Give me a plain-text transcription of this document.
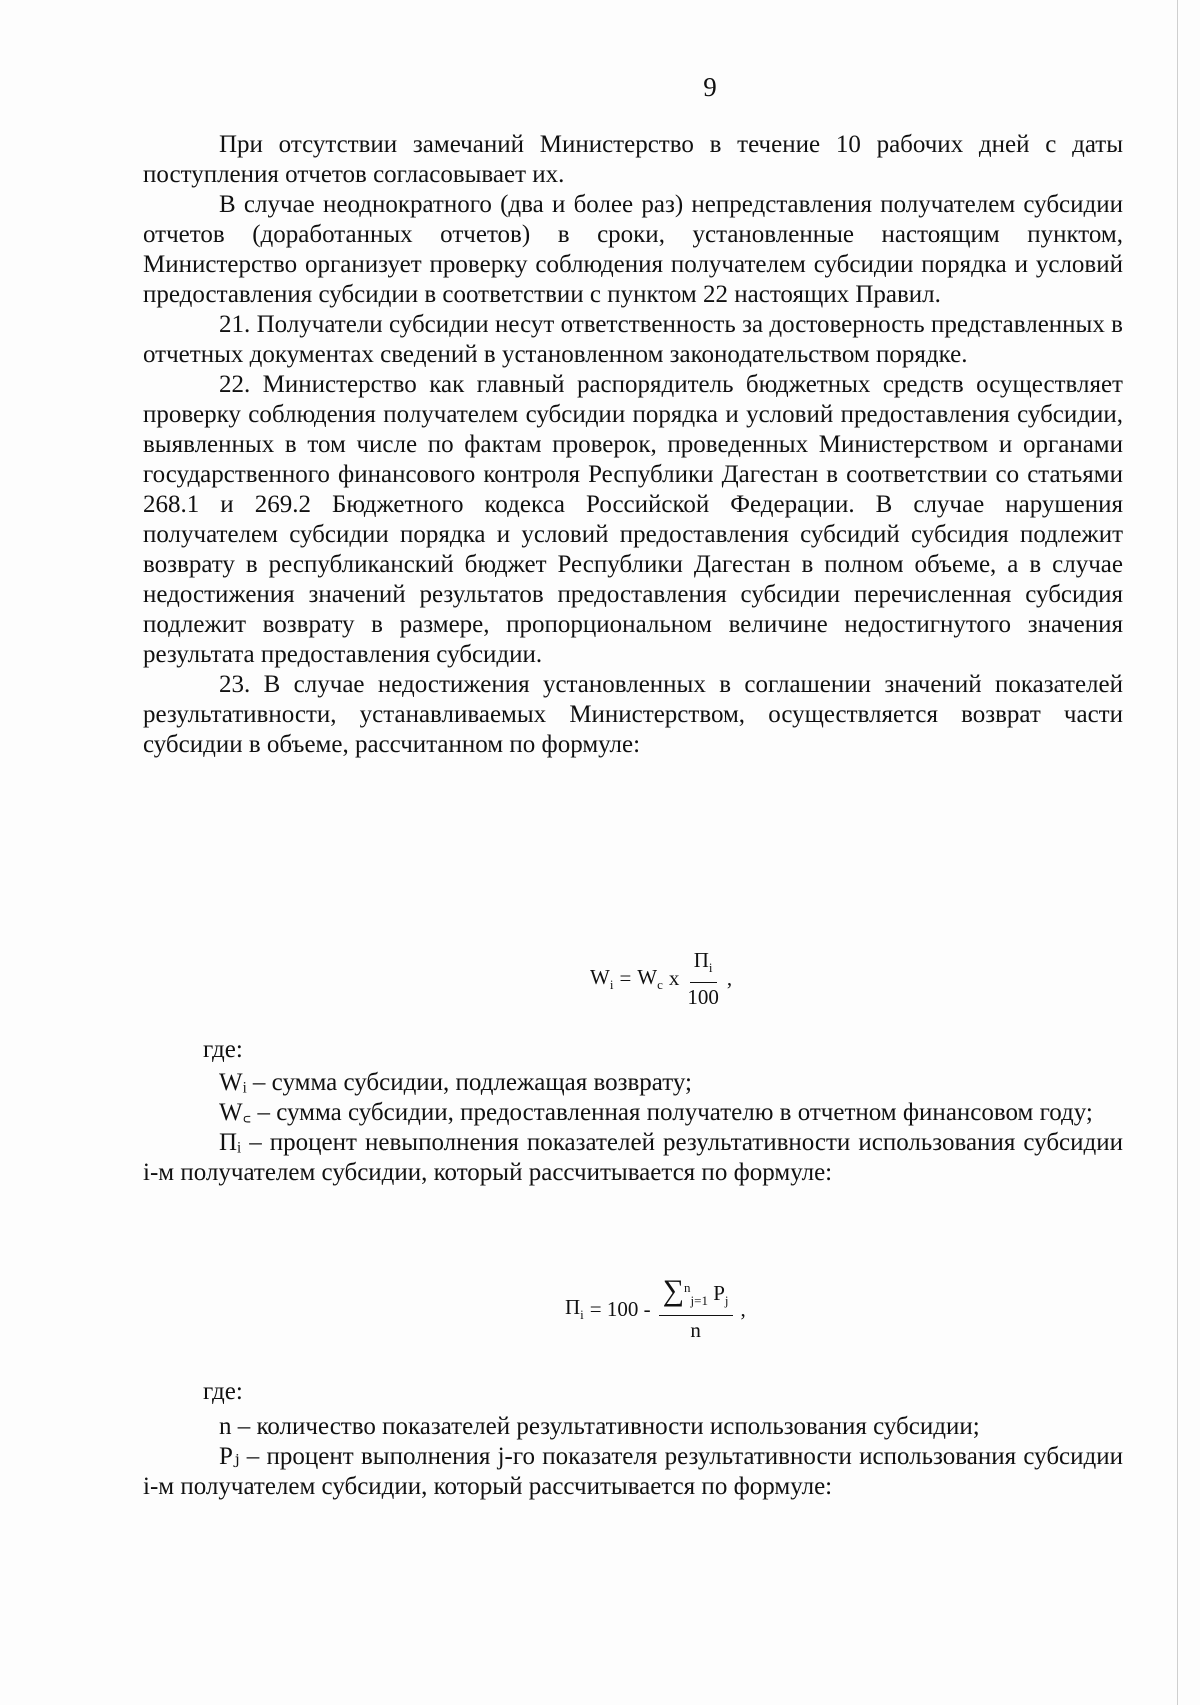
9

При отсутствии замечаний Министерство в течение 10 рабочих дней с даты поступления отчетов согласовывает их.

В случае неоднократного (два и более раз) непредставления получателем субсидии отчетов (доработанных отчетов) в сроки, установленные настоящим пунктом, Министерство организует проверку соблюдения получателем субсидии порядка и условий предоставления субсидии в соответствии с пунктом 22 настоящих Правил.

21. Получатели субсидии несут ответственность за достоверность представленных в отчетных документах сведений в установленном законодательством порядке.

22. Министерство как главный распорядитель бюджетных средств осуществляет проверку соблюдения получателем субсидии порядка и условий предоставления субсидии, выявленных в том числе по фактам проверок, проведенных Министерством и органами государственного финансового контроля Республики Дагестан в соответствии со статьями 268.1 и 269.2 Бюджетного кодекса Российской Федерации. В случае нарушения получателем субсидии порядка и условий предоставления субсидий субсидия подлежит возврату в республиканский бюджет Республики Дагестан в полном объеме, а в случае недостижения значений результатов предоставления субсидии перечисленная субсидия подлежит возврату в размере, пропорциональном величине недостигнутого значения результата предоставления субсидии.

23. В случае недостижения установленных в соглашении значений показателей результативности, устанавливаемых Министерством, осуществляется возврат части субсидии в объеме, рассчитанном по формуле:

$W_i = W_c$ х $\frac{П_i}{100}$ ,
где:

Wᵢ – сумма субсидии, подлежащая возврату;

W꜀ – сумма субсидии, предоставленная получателю в отчетном финансовом году;

Пᵢ – процент невыполнения показателей результативности использования субсидии i-м получателем субсидии, который рассчитывается по формуле:

$П_i = 100 - \frac{\sum^n_{j=1} P_j}{n}$ ,
где:

n – количество показателей результативности использования субсидии;

Pⱼ – процент выполнения j-го показателя результативности использования субсидии i-м получателем субсидии, который рассчитывается по формуле:
